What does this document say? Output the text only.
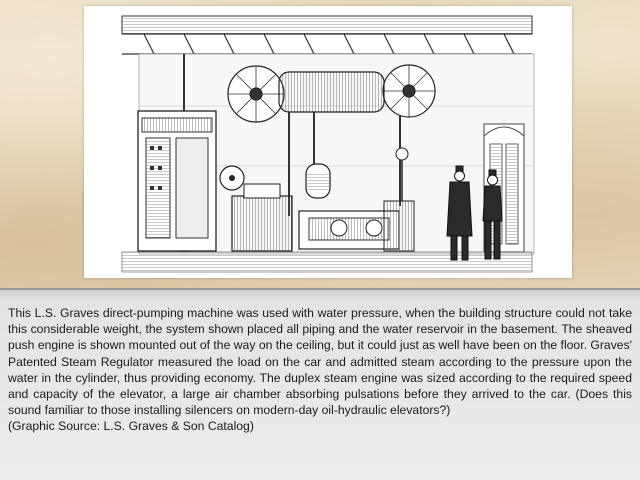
This L.S. Graves direct-pumping machine was used with water pressure, when the building structure could not take this considerable weight, the system shown placed all piping and the water reservoir in the basement. The sheaved push engine is shown mounted out of the way on the ceiling, but it could just as well have been on the floor. Graves' Patented Steam Regulator measured the load on the car and admitted steam according to the pressure upon the water in the cylinder, thus providing economy. The duplex steam engine was sized according to the required speed and capacity of the elevator, a large air chamber absorbing pulsations before they arrived to the car. (Does this sound familiar to those installing silencers on modern-day oil-hydraulic elevators?)

(Graphic Source: L.S. Graves & Son Catalog)
